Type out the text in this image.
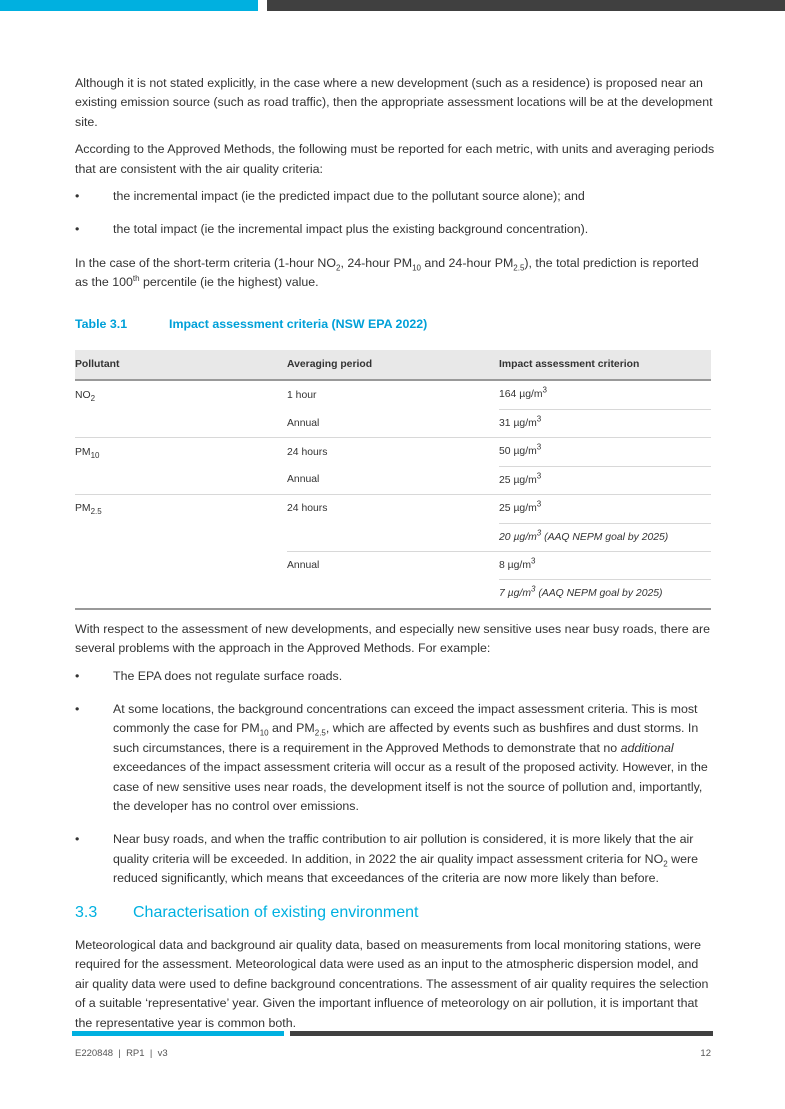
Although it is not stated explicitly, in the case where a new development (such as a residence) is proposed near an existing emission source (such as road traffic), then the appropriate assessment locations will be at the development site.

According to the Approved Methods, the following must be reported for each metric, with units and averaging periods that are consistent with the air quality criteria:

• the incremental impact (ie the predicted impact due to the pollutant source alone); and
• the total impact (ie the incremental impact plus the existing background concentration).

In the case of the short-term criteria (1-hour $NO_2$, 24-hour $PM_{10}$ and 24-hour $PM_{2.5}$), the total prediction is reported as the 100th percentile (ie the highest) value.

Table 3.1	Impact assessment criteria (NSW EPA 2022)
Pollutant	Averaging period	Impact assessment criterion
$NO_2$	1 hour	164 $\mu g/m^3$
	Annual	31 $\mu g/m^3$
$PM_{10}$	24 hours	50 $\mu g/m^3$
	Annual	25 $\mu g/m^3$
$PM_{2.5}$	24 hours	25 $\mu g/m^3$
		20 $\mu g/m^3$ (AAQ NEPM goal by 2025)
	Annual	8 $\mu g/m^3$
		7 $\mu g/m^3$ (AAQ NEPM goal by 2025)

With respect to the assessment of new developments, and especially new sensitive uses near busy roads, there are several problems with the approach in the Approved Methods. For example:

• The EPA does not regulate surface roads.
• At some locations, the background concentrations can exceed the impact assessment criteria. This is most commonly the case for $PM_{10}$ and $PM_{2.5}$, which are affected by events such as bushfires and dust storms. In such circumstances, there is a requirement in the Approved Methods to demonstrate that no additional exceedances of the impact assessment criteria will occur as a result of the proposed activity. However, in the case of new sensitive uses near roads, the development itself is not the source of pollution and, importantly, the developer has no control over emissions.
• Near busy roads, and when the traffic contribution to air pollution is considered, it is more likely that the air quality criteria will be exceeded. In addition, in 2022 the air quality impact assessment criteria for $NO_2$ were reduced significantly, which means that exceedances of the criteria are now more likely than before.
3.3	Characterisation of existing environment

Meteorological data and background air quality data, based on measurements from local monitoring stations, were required for the assessment. Meteorological data were used as an input to the atmospheric dispersion model, and air quality data were used to define background concentrations. The assessment of air quality requires the selection of a suitable ‘representative’ year. Given the important influence of meteorology on air pollution, it is important that the representative year is common both.

E220848  |  RP1  |  v3	12
